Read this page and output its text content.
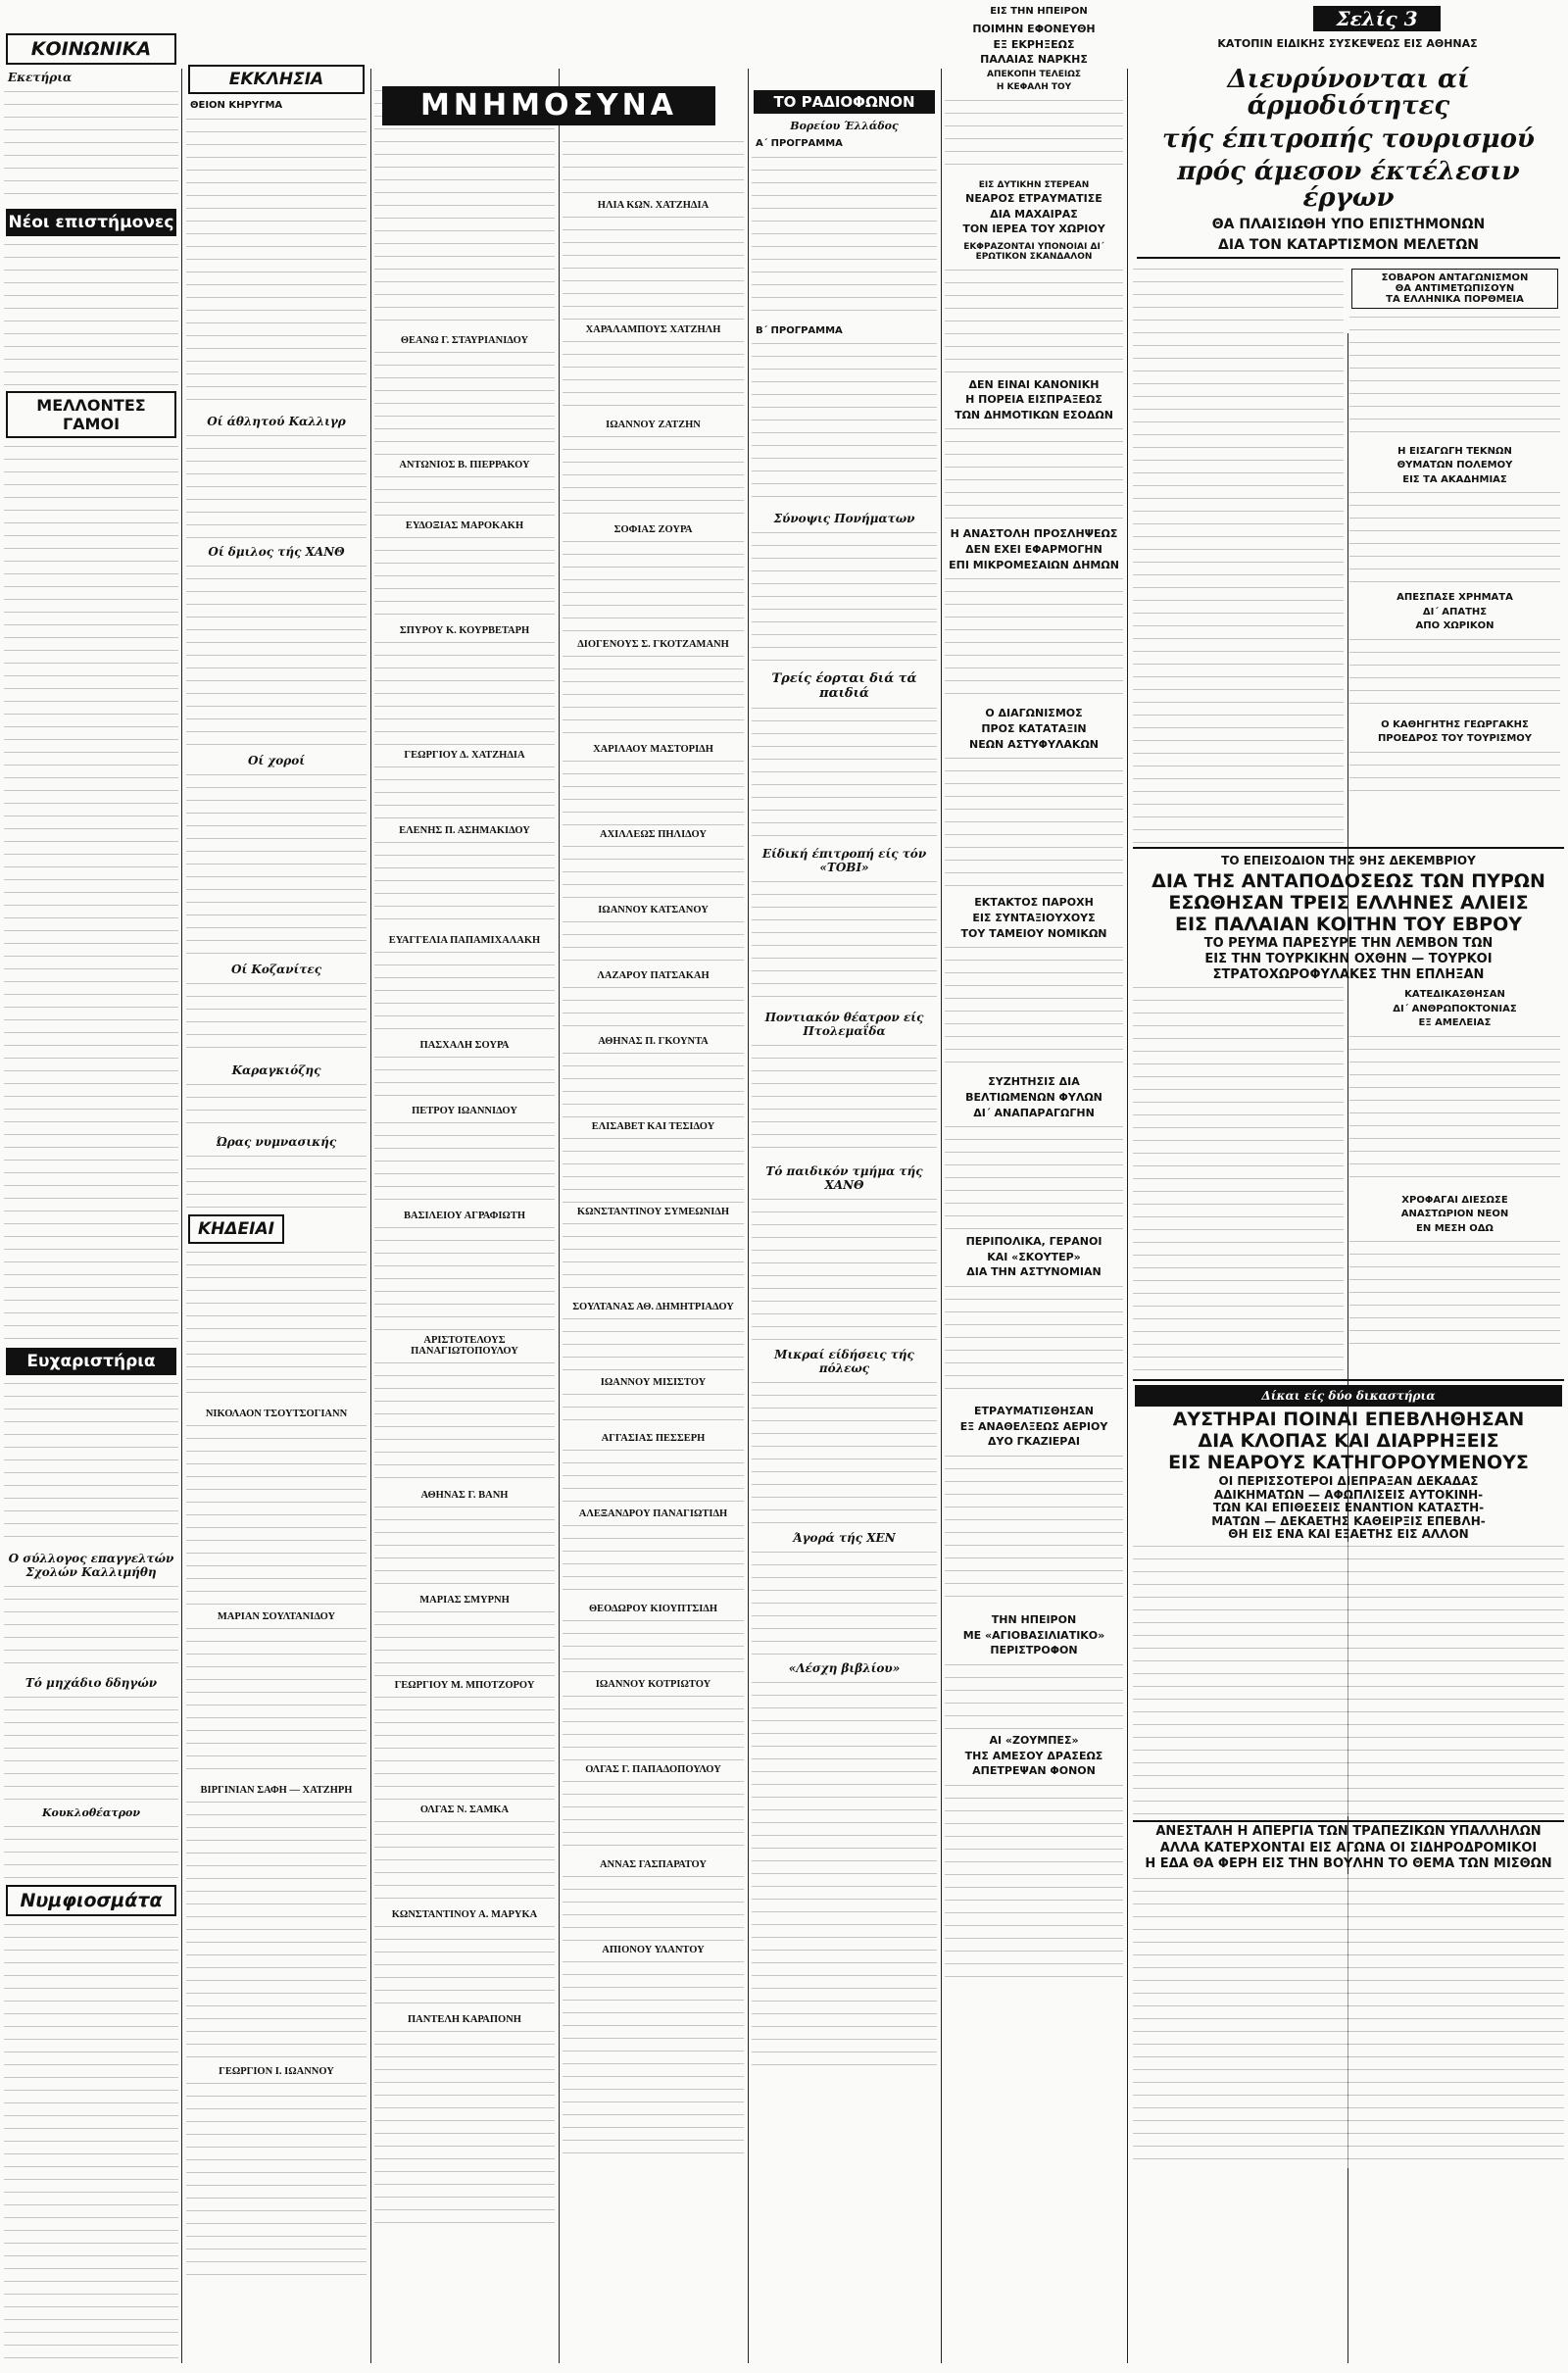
ΕΙΣ ΤΗΝ ΗΠΕΙΡΟΝ	Σελίς 3
ΚΑΤΟΠΙΝ ΕΙΔΙΚΗΣ ΣΥΣΚΕΨΕΩΣ ΕΙΣ ΑΘΗΝΑΣ
ΚΟΙΝΩΝΙΚΑ
Εκετήρια
Νέοι επιστήμονες
ΜΕΛΛΟΝΤΕΣ ΓΑΜΟΙ
Ευχαριστήρια
Ο σύλλογος επαγγελτών Σχολών Καλλιμήθη
Τό μηχάδιο δδηγών
Κουκλοθέατρον
Νυμφιοσμάτα
ΕΚΚΛΗΣΙΑ
ΘΕΙΟΝ ΚΗΡΥΓΜΑ
Οί άθλητού Καλλιγρ
Οί δμιλος τής ΧΑΝΘ
Οί χοροί
Οί Κοζανίτες
Καραγκιόζης
Ώρας νυμνασικής
ΚΗΔΕΙΑΙ
ΝΙΚΟΛΑΟΝ ΤΣΟΥΤΣΟΓΙΑΝΝ
ΜΑΡΙΑΝ ΣΟΥΛΤΑΝΙΔΟΥ
ΒΙΡΓΙΝΙΑΝ ΣΑΦΗ — ΧΑΤΖΗΡΗ
ΓΕΩΡΓΙΟΝ Ι. ΙΩΑΝΝΟΥ
ΘΕΑΝΩ Γ. ΣΤΑΥΡΙΑΝΙΔΟΥ
ΑΝΤΩΝΙΟΣ Β. ΠΙΕΡΡΑΚΟΥ
ΕΥΔΟΞΙΑΣ ΜΑΡΟΚΑΚΗ
ΣΠΥΡΟΥ Κ. ΚΟΥΡΒΕΤΑΡΗ
ΓΕΩΡΓΙΟΥ Δ. ΧΑΤΖΗΔΙΑ
ΕΛΕΝΗΣ Π. ΑΣΗΜΑΚΙΔΟΥ
ΕΥΑΓΓΕΛΙΑ ΠΑΠΑΜΙΧΑΛΑΚΗ
ΠΑΣΧΑΛΗ ΣΟΥΡΑ
ΠΕΤΡΟΥ ΙΩΑΝΝΙΔΟΥ
ΒΑΣΙΛΕΙΟΥ ΑΓΡΑΦΙΩΤΗ
ΑΡΙΣΤΟΤΕΛΟΥΣ ΠΑΝΑΓΙΩΤΟΠΟΥΛΟΥ
ΑΘΗΝΑΣ Γ. ΒΑΝΗ
ΜΑΡΙΑΣ ΣΜΥΡΝΗ
ΓΕΩΡΓΙΟΥ Μ. ΜΠΟΤΖΟΡΟΥ
ΟΛΓΑΣ Ν. ΣΑΜΚΑ
ΚΩΝΣΤΑΝΤΙΝΟΥ Α. ΜΑΡΥΚΑ
ΠΑΝΤΕΛΗ ΚΑΡΑΠΟΝΗ
ΜΝΗΜΟΣΥΝΑ
ΗΛΙΑ ΚΩΝ. ΧΑΤΖΗΔΙΑ
ΧΑΡΑΛΑΜΠΟΥΣ ΧΑΤΖΗΛΗ
ΙΩΑΝΝΟΥ ΖΑΤΖΗΝ
ΣΟΦΙΑΣ ΖΟΥΡΑ
ΔΙΟΓΕΝΟΥΣ Σ. ΓΚΟΤΖΑΜΑΝΗ
ΧΑΡΙΛΑΟΥ ΜΑΣΤΟΡΙΔΗ
ΑΧΙΛΛΕΩΣ ΠΗΛΙΔΟΥ
ΙΩΑΝΝΟΥ ΚΑΤΣΑΝΟΥ
ΛΑΖΑΡΟΥ ΠΑΤΣΑΚΑΗ
ΑΘΗΝΑΣ Π. ΓΚΟΥΝΤΑ
ΕΛΙΣΑΒΕΤ ΚΑΙ ΤΕΣΙΔΟΥ
ΚΩΝΣΤΑΝΤΙΝΟΥ ΣΥΜΕΩΝΙΔΗ
ΣΟΥΛΤΑΝΑΣ ΑΘ. ΔΗΜΗΤΡΙΑΔΟΥ
ΙΩΑΝΝΟΥ ΜΙΣΙΣΤΟΥ
ΑΓΓΑΣΙΑΣ ΠΕΣΣΕΡΗ
ΑΛΕΞΑΝΔΡΟΥ ΠΑΝΑΓΙΩΤΙΔΗ
ΘΕΟΔΩΡΟΥ ΚΙΟΥΠΤΣΙΔΗ
ΙΩΑΝΝΟΥ ΚΟΤΡΙΩΤΟΥ
ΟΛΓΑΣ Γ. ΠΑΠΑΔΟΠΟΥΛΟΥ
ΑΝΝΑΣ ΓΑΣΠΑΡΑΤΟΥ
ΑΠΙΟΝΟΥ ΥΛΑΝΤΟΥ
ΤΟ ΡΑΔΙΟΦΩΝΟΝ
Βορείου Έλλάδος
Α΄ ΠΡΟΓΡΑΜΜΑ
Β΄ ΠΡΟΓΡΑΜΜΑ
Σύνοψις Πονήματων
Τρείς έορται διά τά παιδιά
Είδική έπιτροπή είς τόν «ΤΟΒΙ»
Ποντιακόν θέατρον είς Πτολεμαΐδα
Τό παιδικόν τμήμα τής ΧΑΝΘ
Μικραί είδήσεις τής πόλεως
Άγορά τής ΧΕΝ
«Λέσχη βιβλίου»
ΠΟΙΜΗΝ ΕΦΟΝΕΥΘΗ
ΕΞ ΕΚΡΗΞΕΩΣ
ΠΑΛΑΙΑΣ ΝΑΡΚΗΣ
ΑΠΕΚΟΠΗ ΤΕΛΕΙΩΣ
Η ΚΕΦΑΛΗ ΤΟΥ
ΕΙΣ ΔΥΤΙΚΗΝ ΣΤΕΡΕΑΝ
ΝΕΑΡΟΣ ΕΤΡΑΥΜΑΤΙΣΕ
ΔΙΑ ΜΑΧΑΙΡΑΣ
ΤΟΝ ΙΕΡΕΑ ΤΟΥ ΧΩΡΙΟΥ
ΕΚΦΡΑΖΟΝΤΑΙ ΥΠΟΝΟΙΑΙ ΔΙ΄ ΕΡΩΤΙΚΟΝ ΣΚΑΝΔΑΛΟΝ
ΔΕΝ ΕΙΝΑΙ ΚΑΝΟΝΙΚΗ
Η ΠΟΡΕΙΑ ΕΙΣΠΡΑΞΕΩΣ
ΤΩΝ ΔΗΜΟΤΙΚΩΝ ΕΣΟΔΩΝ
Η ΑΝΑΣΤΟΛΗ ΠΡΟΣΛΗΨΕΩΣ
ΔΕΝ ΕΧΕΙ ΕΦΑΡΜΟΓΗΝ
ΕΠΙ ΜΙΚΡΟΜΕΣΑΙΩΝ ΔΗΜΩΝ
Ο ΔΙΑΓΩΝΙΣΜΟΣ
ΠΡΟΣ ΚΑΤΑΤΑΞΙΝ
ΝΕΩΝ ΑΣΤΥΦΥΛΑΚΩΝ
ΕΚΤΑΚΤΟΣ ΠΑΡΟΧΗ
ΕΙΣ ΣΥΝΤΑΞΙΟΥΧΟΥΣ
ΤΟΥ ΤΑΜΕΙΟΥ ΝΟΜΙΚΩΝ
ΣΥΖΗΤΗΣΙΣ ΔΙΑ
ΒΕΛΤΙΩΜΕΝΩΝ ΦΥΛΩΝ
ΔΙ΄ ΑΝΑΠΑΡΑΓΩΓΗΝ
ΠΕΡΙΠΟΛΙΚΑ, ΓΕΡΑΝΟΙ
ΚΑΙ «ΣΚΟΥΤΕΡ»
ΔΙΑ ΤΗΝ ΑΣΤΥΝΟΜΙΑΝ
ΕΤΡΑΥΜΑΤΙΣΘΗΣΑΝ
ΕΞ ΑΝΑΘΕΛΞΕΩΣ ΑΕΡΙΟΥ
ΔΥΟ ΓΚΑΖΙΕΡΑΙ
ΤΗΝ ΗΠΕΙΡΟΝ
ΜΕ «ΑΓΙΟΒΑΣΙΛΙΑΤΙΚΟ»
ΠΕΡΙΣΤΡΟΦΟΝ
ΑΙ «ΖΟΥΜΠΕΣ»
ΤΗΣ ΑΜΕΣΟΥ ΔΡΑΣΕΩΣ
ΑΠΕΤΡΕΨΑΝ ΦΟΝΟΝ
Διευρύνονται αί άρμοδιότητες
τής έπιτροπής τουρισμού
πρός άμεσον έκτέλεσιν έργων
ΘΑ ΠΛΑΙΣΙΩΘΗ ΥΠΟ ΕΠΙΣΤΗΜΟΝΩΝ
ΔΙΑ ΤΟΝ ΚΑΤΑΡΤΙΣΜΟΝ ΜΕΛΕΤΩΝ
ΣΟΒΑΡΟΝ ΑΝΤΑΓΩΝΙΣΜΟΝ
ΘΑ ΑΝΤΙΜΕΤΩΠΙΣΟΥΝ
ΤΑ ΕΛΛΗΝΙΚΑ ΠΟΡΘΜΕΙΑ
Η ΕΙΣΑΓΩΓΗ ΤΕΚΝΩΝ
ΘΥΜΑΤΩΝ ΠΟΛΕΜΟΥ
ΕΙΣ ΤΑ ΑΚΑΔΗΜΙΑΣ
ΑΠΕΣΠΑΣΕ ΧΡΗΜΑΤΑ
ΔΙ΄ ΑΠΑΤΗΣ
ΑΠΟ ΧΩΡΙΚΟΝ
Ο ΚΑΘΗΓΗΤΗΣ ΓΕΩΡΓΑΚΗΣ
ΠΡΟΕΔΡΟΣ ΤΟΥ ΤΟΥΡΙΣΜΟΥ
ΤΟ ΕΠΕΙΣΟΔΙΟΝ ΤΗΣ 9ΗΣ ΔΕΚΕΜΒΡΙΟΥ
ΔΙΑ ΤΗΣ ΑΝΤΑΠΟΔΟΣΕΩΣ ΤΩΝ ΠΥΡΩΝ
ΕΣΩΘΗΣΑΝ ΤΡΕΙΣ ΕΛΛΗΝΕΣ ΑΛΙΕΙΣ
ΕΙΣ ΠΑΛΑΙΑΝ ΚΟΙΤΗΝ ΤΟΥ ΕΒΡΟΥ
ΤΟ ΡΕΥΜΑ ΠΑΡΕΣΥΡΕ ΤΗΝ ΛΕΜΒΟΝ ΤΩΝ
ΕΙΣ ΤΗΝ ΤΟΥΡΚΙΚΗΝ ΟΧΘΗΝ — ΤΟΥΡΚΟΙ
ΣΤΡΑΤΟΧΩΡΟΦΥΛΑΚΕΣ ΤΗΝ ΕΠΛΗΞΑΝ
ΚΑΤΕΔΙΚΑΣΘΗΣΑΝ
ΔΙ΄ ΑΝΘΡΩΠΟΚΤΟΝΙΑΣ
ΕΞ ΑΜΕΛΕΙΑΣ
ΧΡΟΦΑΓΑΙ ΔΙΕΣΩΣΕ
ΑΝΑΣΤΩΡΙΟΝ ΝΕΟΝ
ΕΝ ΜΕΣΗ ΟΔΩ
Δίκαι είς δύο δικαστήρια
ΑΥΣΤΗΡΑΙ ΠΟΙΝΑΙ ΕΠΕΒΛΗΘΗΣΑΝ
ΔΙΑ ΚΛΟΠΑΣ ΚΑΙ ΔΙΑΡΡΗΞΕΙΣ
ΕΙΣ ΝΕΑΡΟΥΣ ΚΑΤΗΓΟΡΟΥΜΕΝΟΥΣ
ΟΙ ΠΕΡΙΣΣΟΤΕΡΟΙ ΔΙΕΠΡΑΞΑΝ ΔΕΚΑΔΑΣ
ΑΔΙΚΗΜΑΤΩΝ — ΑΦΩΠΛΙΣΕΙΣ ΑΥΤΟΚΙΝΗ-
ΤΩΝ ΚΑΙ ΕΠΙΘΕΣΕΙΣ ΕΝΑΝΤΙΟΝ ΚΑΤΑΣΤΗ-
ΜΑΤΩΝ — ΔΕΚΑΕΤΗΣ ΚΑΘΕΙΡΞΙΣ ΕΠΕΒΛΗ-
ΘΗ ΕΙΣ ΕΝΑ ΚΑΙ ΕΞΑΕΤΗΣ ΕΙΣ ΑΛΛΟΝ
ΑΝΕΣΤΑΛΗ Η ΑΠΕΡΓΙΑ ΤΩΝ ΤΡΑΠΕΖΙΚΩΝ ΥΠΑΛΛΗΛΩΝ
ΑΛΛΑ ΚΑΤΕΡΧΟΝΤΑΙ ΕΙΣ ΑΓΩΝΑ ΟΙ ΣΙΔΗΡΟΔΡΟΜΙΚΟΙ
Η ΕΔΑ ΘΑ ΦΕΡΗ ΕΙΣ ΤΗΝ ΒΟΥΛΗΝ ΤΟ ΘΕΜΑ ΤΩΝ ΜΙΣΘΩΝ
